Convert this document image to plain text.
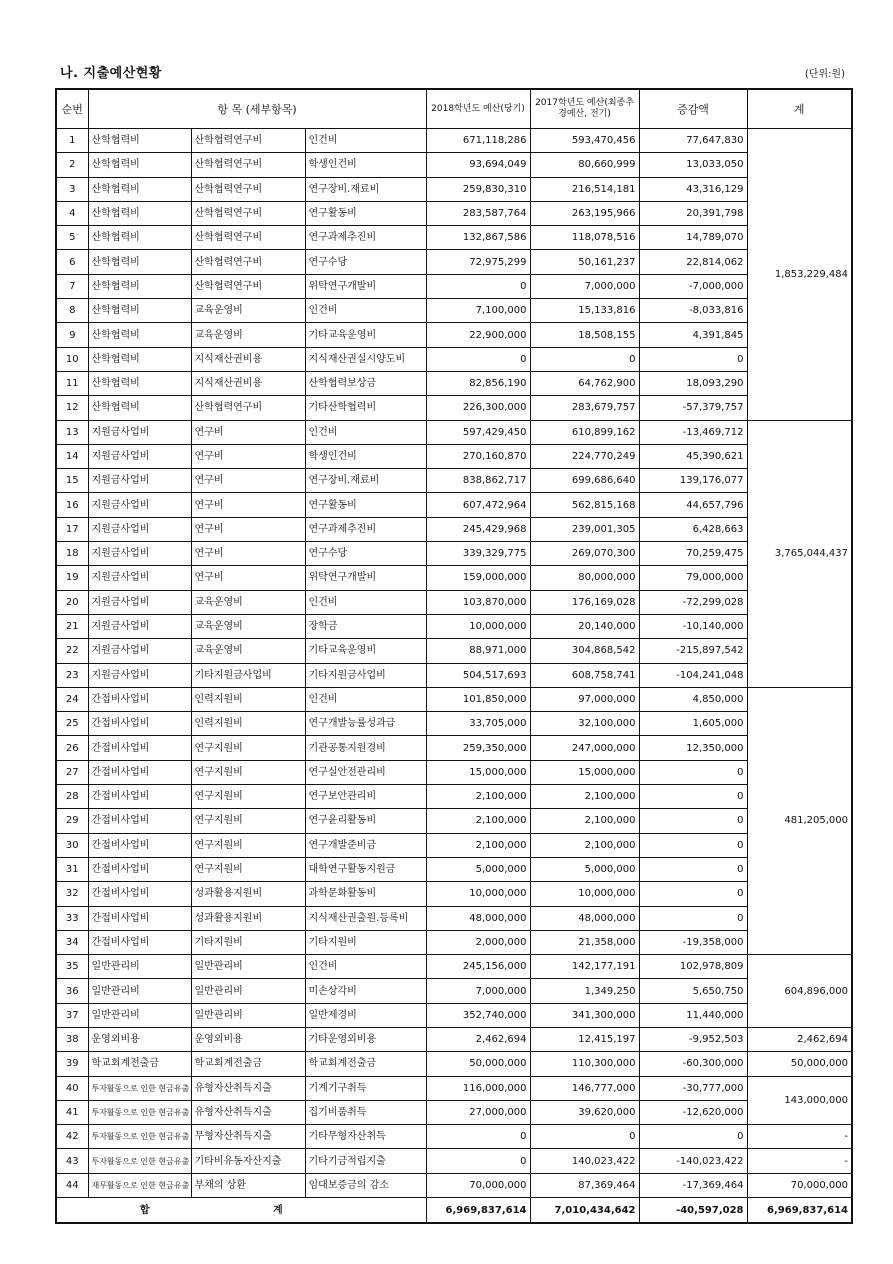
나. 지출예산현황	(단위:원)
순번	항 목 (세부항목)			2018학년도 예산(당기)	2017학년도 예산(최종추경예산, 전기)	증감액	계
1	산학협력비	산학협력연구비	인건비	671,118,286	593,470,456	77,647,830	1,853,229,484
2	산학협력비	산학협력연구비	학생인건비	93,694,049	80,660,999	13,033,050	
3	산학협력비	산학협력연구비	연구장비.재료비	259,830,310	216,514,181	43,316,129	
4	산학협력비	산학협력연구비	연구활동비	283,587,764	263,195,966	20,391,798	
5	산학협력비	산학협력연구비	연구과제추진비	132,867,586	118,078,516	14,789,070	
6	산학협력비	산학협력연구비	연구수당	72,975,299	50,161,237	22,814,062	
7	산학협력비	산학협력연구비	위탁연구개발비	0	7,000,000	-7,000,000	
8	산학협력비	교육운영비	인건비	7,100,000	15,133,816	-8,033,816	
9	산학협력비	교육운영비	기타교육운영비	22,900,000	18,508,155	4,391,845	
10	산학협력비	지식재산권비용	지식재산권실시양도비	0	0	0	
11	산학협력비	지식재산권비용	산학협력보상금	82,856,190	64,762,900	18,093,290	
12	산학협력비	산학협력연구비	기타산학협력비	226,300,000	283,679,757	-57,379,757	
13	지원금사업비	연구비	인건비	597,429,450	610,899,162	-13,469,712	3,765,044,437
14	지원금사업비	연구비	학생인건비	270,160,870	224,770,249	45,390,621	
15	지원금사업비	연구비	연구장비.재료비	838,862,717	699,686,640	139,176,077	
16	지원금사업비	연구비	연구활동비	607,472,964	562,815,168	44,657,796	
17	지원금사업비	연구비	연구과제추진비	245,429,968	239,001,305	6,428,663	
18	지원금사업비	연구비	연구수당	339,329,775	269,070,300	70,259,475	
19	지원금사업비	연구비	위탁연구개발비	159,000,000	80,000,000	79,000,000	
20	지원금사업비	교육운영비	인건비	103,870,000	176,169,028	-72,299,028	
21	지원금사업비	교육운영비	장학금	10,000,000	20,140,000	-10,140,000	
22	지원금사업비	교육운영비	기타교육운영비	88,971,000	304,868,542	-215,897,542	
23	지원금사업비	기타지원금사업비	기타지원금사업비	504,517,693	608,758,741	-104,241,048	
24	간접비사업비	인력지원비	인건비	101,850,000	97,000,000	4,850,000	481,205,000
25	간접비사업비	인력지원비	연구개발능률성과급	33,705,000	32,100,000	1,605,000	
26	간접비사업비	연구지원비	기관공통지원경비	259,350,000	247,000,000	12,350,000	
27	간접비사업비	연구지원비	연구실안전관리비	15,000,000	15,000,000	0	
28	간접비사업비	연구지원비	연구보안관리비	2,100,000	2,100,000	0	
29	간접비사업비	연구지원비	연구윤리활동비	2,100,000	2,100,000	0	
30	간접비사업비	연구지원비	연구개발준비금	2,100,000	2,100,000	0	
31	간접비사업비	연구지원비	대학연구활동지원금	5,000,000	5,000,000	0	
32	간접비사업비	성과활용지원비	과학문화활동비	10,000,000	10,000,000	0	
33	간접비사업비	성과활용지원비	지식재산권출원.등록비	48,000,000	48,000,000	0	
34	간접비사업비	기타지원비	기타지원비	2,000,000	21,358,000	-19,358,000	
35	일반관리비	일반관리비	인건비	245,156,000	142,177,191	102,978,809	604,896,000
36	일반관리비	일반관리비	미손상각비	7,000,000	1,349,250	5,650,750	
37	일반관리비	일반관리비	일반제경비	352,740,000	341,300,000	11,440,000	
38	운영외비용	운영외비용	기타운영외비용	2,462,694	12,415,197	-9,952,503	2,462,694
39	학교회계전출금	학교회계전출금	학교회계전출금	50,000,000	110,300,000	-60,300,000	50,000,000
40	투자활동으로 인한 현금유출	유형자산취득지출	기계기구취득	116,000,000	146,777,000	-30,777,000	143,000,000
41	투자활동으로 인한 현금유출	유형자산취득지출	집기비품취득	27,000,000	39,620,000	-12,620,000	
42	투자활동으로 인한 현금유출	무형자산취득지출	기타무형자산취득	0	0	0	-
43	투자활동으로 인한 현금유출	기타비유동자산지출	기타기금적립지출	0	140,023,422	-140,023,422	-
44	재무활동으로 인한 현금유출	부채의 상환	임대보증금의 감소	70,000,000	87,369,464	-17,369,464	70,000,000
합 계				6,969,837,614	7,010,434,642	-40,597,028	6,969,837,614
